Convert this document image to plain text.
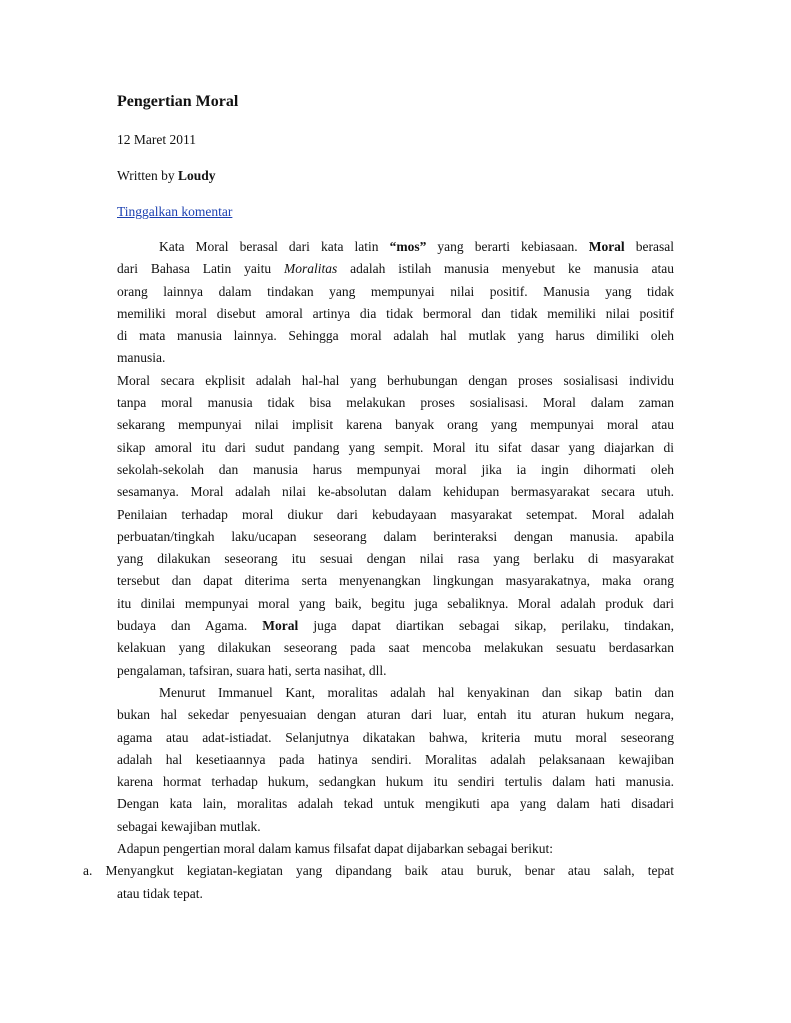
Pengertian Moral
12 Maret 2011
Written by Loudy
Tinggalkan komentar
Kata Moral berasal dari kata latin “mos” yang berarti kebiasaan. Moral berasal
dari Bahasa Latin yaitu Moralitas adalah istilah manusia menyebut ke manusia atau
orang lainnya dalam tindakan yang mempunyai nilai positif. Manusia yang tidak
memiliki moral disebut amoral artinya dia tidak bermoral dan tidak memiliki nilai positif
di mata manusia lainnya. Sehingga moral adalah hal mutlak yang harus dimiliki oleh
manusia.
Moral secara ekplisit adalah hal-hal yang berhubungan dengan proses sosialisasi individu
tanpa moral manusia tidak bisa melakukan proses sosialisasi. Moral dalam zaman
sekarang mempunyai nilai implisit karena banyak orang yang mempunyai moral atau
sikap amoral itu dari sudut pandang yang sempit. Moral itu sifat dasar yang diajarkan di
sekolah-sekolah dan manusia harus mempunyai moral jika ia ingin dihormati oleh
sesamanya. Moral adalah nilai ke-absolutan dalam kehidupan bermasyarakat secara utuh.
Penilaian terhadap moral diukur dari kebudayaan masyarakat setempat. Moral adalah
perbuatan/tingkah laku/ucapan seseorang dalam berinteraksi dengan manusia. apabila
yang dilakukan seseorang itu sesuai dengan nilai rasa yang berlaku di masyarakat
tersebut dan dapat diterima serta menyenangkan lingkungan masyarakatnya, maka orang
itu dinilai mempunyai moral yang baik, begitu juga sebaliknya. Moral adalah produk dari
budaya dan Agama. Moral juga dapat diartikan sebagai sikap, perilaku, tindakan,
kelakuan yang dilakukan seseorang pada saat mencoba melakukan sesuatu berdasarkan
pengalaman, tafsiran, suara hati, serta nasihat, dll.
Menurut Immanuel Kant, moralitas adalah hal kenyakinan dan sikap batin dan
bukan hal sekedar penyesuaian dengan aturan dari luar, entah itu aturan hukum negara,
agama atau adat-istiadat. Selanjutnya dikatakan bahwa, kriteria mutu moral seseorang
adalah hal kesetiaannya pada hatinya sendiri. Moralitas adalah pelaksanaan kewajiban
karena hormat terhadap hukum, sedangkan hukum itu sendiri tertulis dalam hati manusia.
Dengan kata lain, moralitas adalah tekad untuk mengikuti apa yang dalam hati disadari
sebagai kewajiban mutlak.
Adapun pengertian moral dalam kamus filsafat dapat dijabarkan sebagai berikut:
a. Menyangkut kegiatan-kegiatan yang dipandang baik atau buruk, benar atau salah, tepat
atau tidak tepat.
